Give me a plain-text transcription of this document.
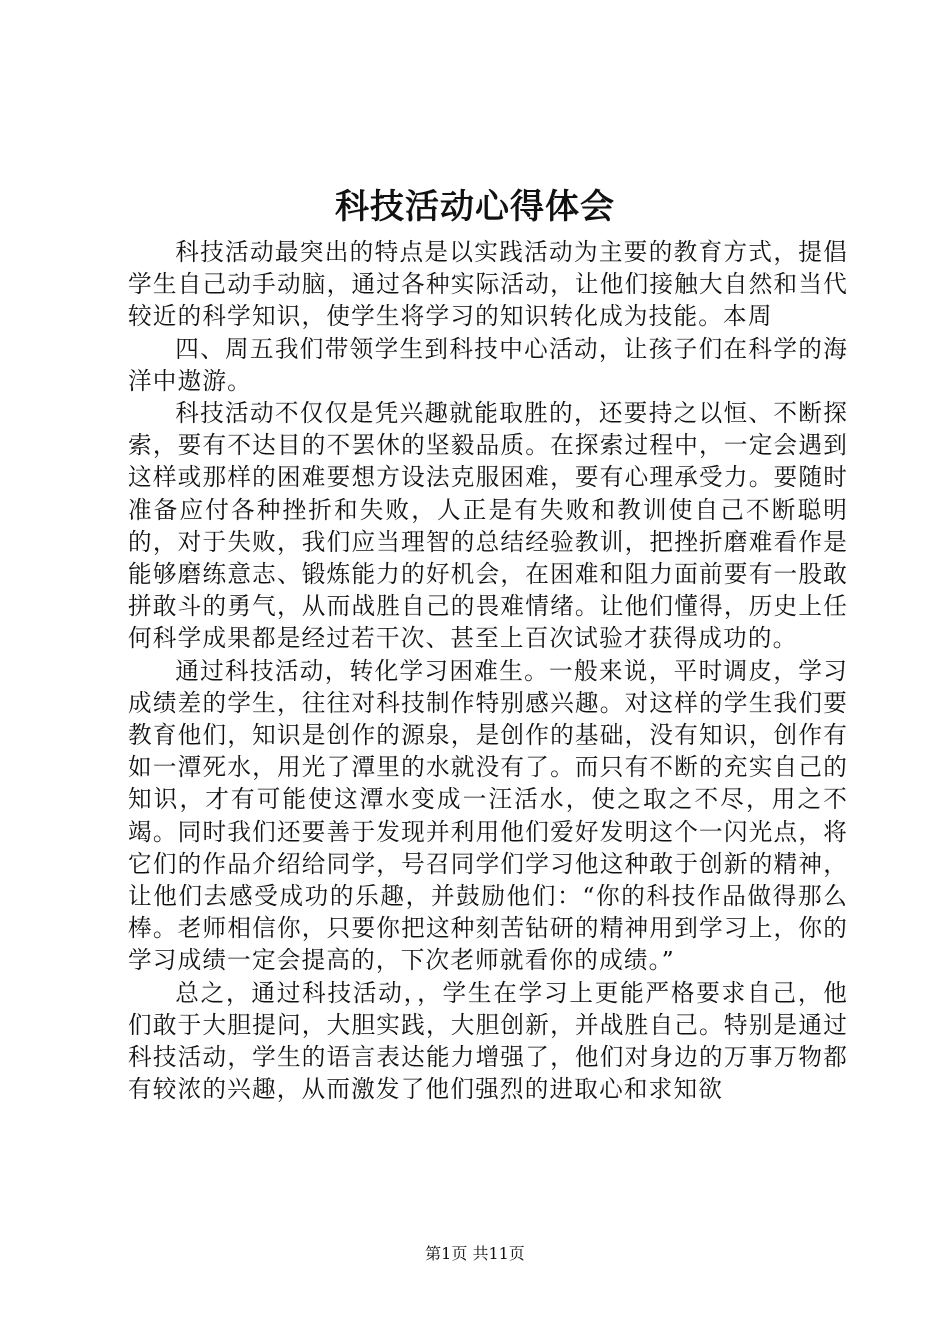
科技活动心得体会

科技活动最突出的特点是以实践活动为主要的教育方式，提倡学生自己动手动脑，通过各种实际活动，让他们接触大自然和当代较近的科学知识，使学生将学习的知识转化成为技能。本周

四、周五我们带领学生到科技中心活动，让孩子们在科学的海洋中遨游。

科技活动不仅仅是凭兴趣就能取胜的，还要持之以恒、不断探索，要有不达目的不罢休的坚毅品质。在探索过程中，一定会遇到这样或那样的困难要想方设法克服困难，要有心理承受力。要随时准备应付各种挫折和失败，人正是有失败和教训使自己不断聪明的，对于失败，我们应当理智的总结经验教训，把挫折磨难看作是能够磨练意志、锻炼能力的好机会，在困难和阻力面前要有一股敢拼敢斗的勇气，从而战胜自己的畏难情绪。让他们懂得，历史上任何科学成果都是经过若干次、甚至上百次试验才获得成功的。

通过科技活动，转化学习困难生。一般来说，平时调皮，学习成绩差的学生，往往对科技制作特别感兴趣。对这样的学生我们要教育他们，知识是创作的源泉，是创作的基础，没有知识，创作有如一潭死水，用光了潭里的水就没有了。而只有不断的充实自己的知识，才有可能使这潭水变成一汪活水，使之取之不尽，用之不竭。同时我们还要善于发现并利用他们爱好发明这个一闪光点，将它们的作品介绍给同学，号召同学们学习他这种敢于创新的精神，让他们去感受成功的乐趣，并鼓励他们：“你的科技作品做得那么棒。老师相信你，只要你把这种刻苦钻研的精神用到学习上，你的学习成绩一定会提高的，下次老师就看你的成绩。”

总之，通过科技活动，，学生在学习上更能严格要求自己，他们敢于大胆提问，大胆实践，大胆创新，并战胜自己。特别是通过科技活动，学生的语言表达能力增强了，他们对身边的万事万物都有较浓的兴趣，从而激发了他们强烈的进取心和求知欲

第1页 共11页
